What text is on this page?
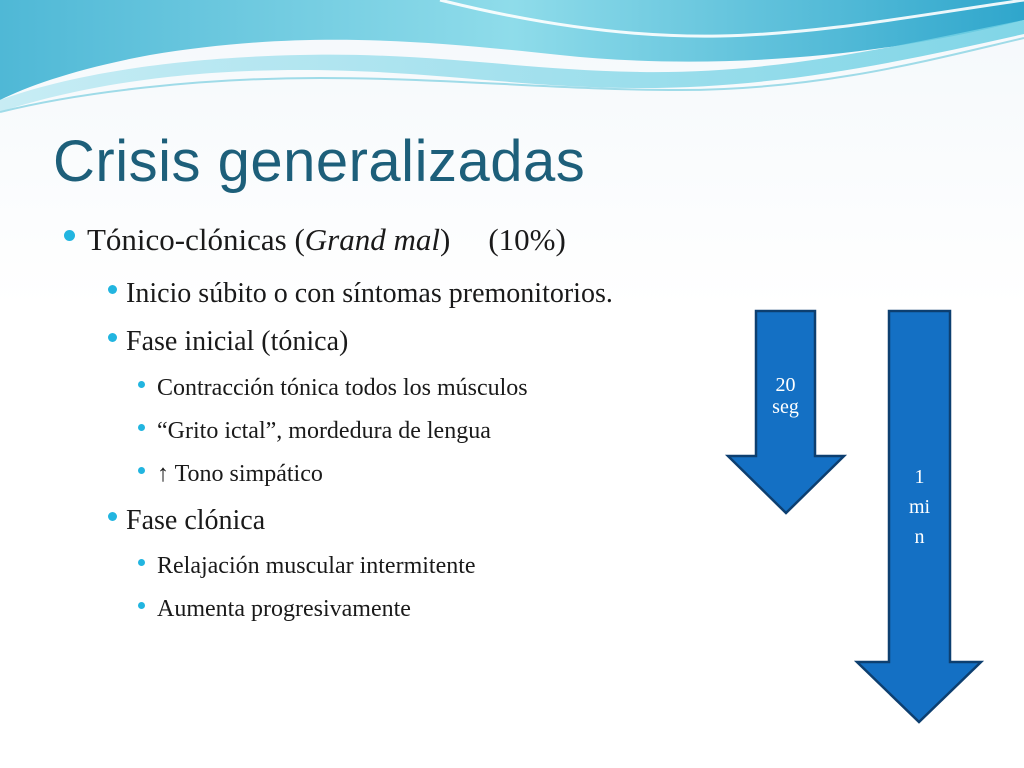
Crisis generalizadas
Tónico-clónicas ( Grand mal ) (10%)
Inicio súbito o con síntomas premonitorios.
Fase inicial (tónica)
Contracción tónica todos los músculos
“Grito ictal”, mordedura de lengua
↑ Tono simpático
Fase clónica
Relajación muscular intermitente
Aumenta progresivamente
20
seg
1
mi
n
